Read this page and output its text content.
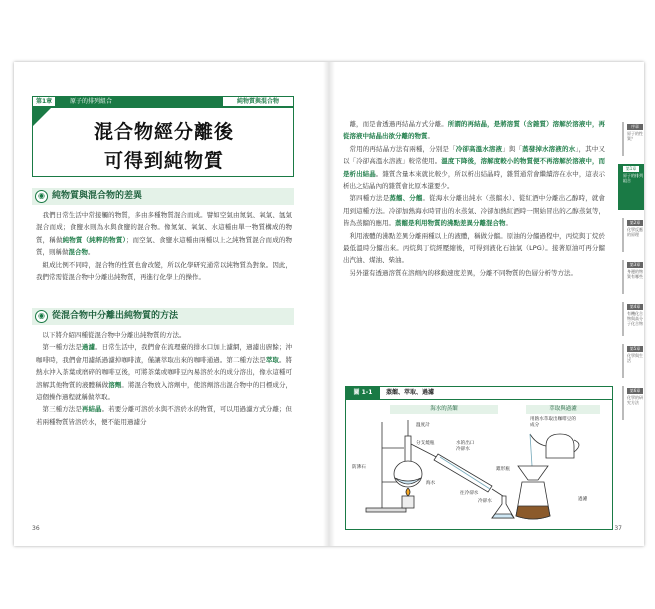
第1章	原子的排列組合	純物質與混合物
混合物經分離後
可得到純物質
◉ 純物質與混合物的差異

我們日常生活中常接觸的物質，多由多種物質混合而成。譬如空氣由氮氣、氧氣、氬氣混合而成；食鹽水則為水與食鹽的混合物。像氮氣、氧氣、水這種由單一物質構成的物質，稱做純物質（純粹的物質）；而空氣、食鹽水這種由兩種以上之純物質混合而成的物質，則稱做混合物。

組成比例不同時，混合物的性質也會改變，所以化學研究通常以純物質為對象。因此，我們常需從混合物中分離出純物質，再進行化學上的操作。

◉ 從混合物中分離出純物質的方法

以下將介紹四種從混合物中分離出純物質的方法。

第一種方法是過濾。日常生活中，我們會在流理臺的排水口加上濾網，過濾出廚餘；沖咖啡時，我們會用濾紙過濾掉咖啡渣，僅讓萃取出來的咖啡通過。第二種方法是萃取。將熱水沖入茶葉或磨碎的咖啡豆後，可將茶葉或咖啡豆內易溶於水的成分溶出，像水這種可溶解其他物質的液體稱做溶劑。將混合物放入溶劑中，使溶劑溶出混合物中的目標成分，這個操作過程就稱做萃取。

第三種方法是再結晶。若要分離可溶於水與不溶於水的物質，可以用過濾方式分離；但若兩種物質皆溶於水，便不能用過濾分

36

離，而是會透過再結晶方式分離。所謂的再結晶，是將溶質（含雜質）溶解於溶液中，再從溶液中結晶出欲分離的物質。

常用的再結晶方法有兩種，分別是「冷卻高溫水溶液」與「蒸發掉水溶液的水」，其中又以「冷卻高溫水溶液」較常使用。溫度下降後，溶解度較小的物質便不再溶解於溶液中，而是析出結晶。雜質含量本來就比較少，所以析出結晶時，雜質通常會繼續溶在水中，這表示析出之結晶內的雜質會比原本還要少。

第四種方法是蒸餾、分餾。從海水分離出純水（蒸餾水）、從紅酒中分離出乙醇時，就會用到這種方法。冷卻加熱海水時冒出的水蒸氣、冷卻加熱紅酒時一開始冒出的乙醇蒸氣等，皆為蒸餾的應用。蒸餾是利用物質的沸點差異分離混合物。

利用液體的沸點差異分離兩種以上的液體，稱做分餾。原油的分餾過程中，丙烷與丁烷於最低溫時分餾出來。丙烷與丁烷經壓縮後，可得到液化石油氣（LPG）。接著原油可再分餾出汽油、煤油、柴油。

另外還有透過溶質在溶劑內的移動速度差異，分離不同物質的色層分析等方法。

圖 1-1	蒸餾、萃取、過濾
海水的蒸餾	萃取與過濾
溫度計
分支燒瓶	水的出口
冷卻水
防沸石
海水
往冷卻水
冷卻水
錐形瓶
用熱水萃取出咖啡豆的成分
過濾
序章
原子的性質？
第1章
原子的排列組合
第2章
化學反應的原理
第3章
身邊的物質有哪些
第4章
有機化合物與高分子化合物
第5章
化學與生活
第6章
化學的研究方法
37
